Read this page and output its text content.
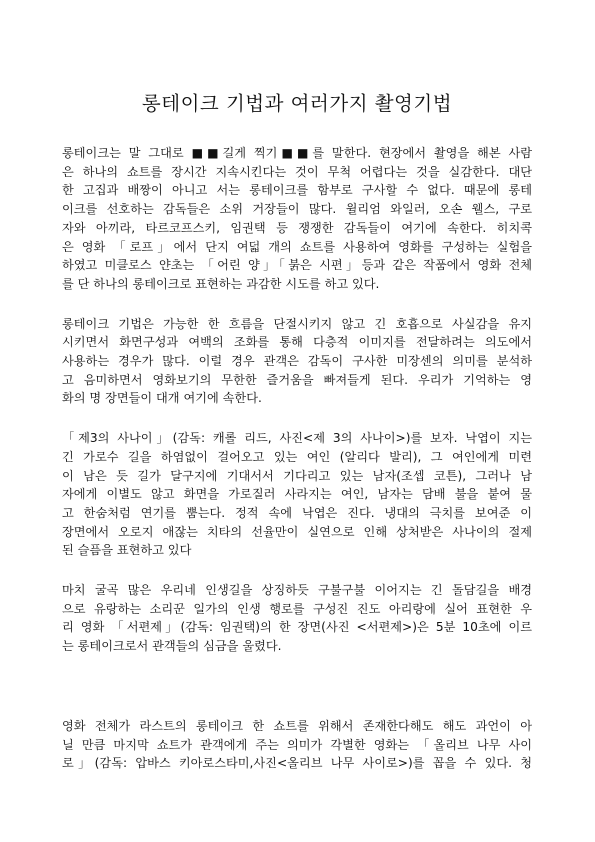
롱테이크 기법과 여러가지 촬영기법

롱테이크는 말 그대로 ■■길게 찍기■■를 말한다. 현장에서 촬영을 해본 사람
은 하나의 쇼트를 장시간 지속시킨다는 것이 무척 어렵다는 것을 실감한다. 대단
한 고집과 배짱이 아니고 서는 롱테이크를 함부로 구사할 수 없다. 때문에 롱테
이크를 선호하는 감독들은 소위 거장들이 많다. 윌리엄 와일러, 오손 웰스, 구로
자와 아끼라, 타르코프스키, 임권택 등 쟁쟁한 감독들이 여기에 속한다. 히치콕
은 영화 「로프」에서 단지 여덟 개의 쇼트를 사용하여 영화를 구성하는 실험을
하였고 미클로스 얀초는 「어린 양」「붉은 시편」등과 같은 작품에서 영화 전체
를 단 하나의 롱테이크로 표현하는 과감한 시도를 하고 있다.

롱테이크 기법은 가능한 한 흐름을 단절시키지 않고 긴 호흡으로 사실감을 유지
시키면서 화면구성과 여백의 조화를 통해 다층적 이미지를 전달하려는 의도에서
사용하는 경우가 많다. 이럴 경우 관객은 감독이 구사한 미장센의 의미를 분석하
고 음미하면서 영화보기의 무한한 즐거움을 빠져들게 된다. 우리가 기억하는 영
화의 명 장면들이 대개 여기에 속한다.

「제3의 사나이」(감독: 캐롤 리드, 사진<제 3의 사나이>)를 보자. 낙엽이 지는
긴 가로수 길을 하염없이 걸어오고 있는 여인 (알리다 발리), 그 여인에게 미련
이 남은 듯 길가 달구지에 기대서서 기다리고 있는 남자(조셉 코튼), 그러나 남
자에게 이별도 않고 화면을 가로질러 사라지는 여인, 남자는 담배 불을 붙여 물
고 한숨처럼 연기를 뿜는다. 정적 속에 낙엽은 진다. 냉대의 극치를 보여준 이
장면에서 오로지 애잖는 치타의 선율만이 실연으로 인해 상처받은 사나이의 절제
된 슬픔을 표현하고 있다

마치 굴곡 많은 우리네 인생길을 상징하듯 구불구불 이어지는 긴 돌담길을 배경
으로 유랑하는 소리꾼 일가의 인생 행로를 구성진 진도 아리랑에 실어 표현한 우
리 영화 「서편제」(감독: 임권택)의 한 장면(사진 <서편제>)은 5분 10초에 이르
는 롱테이크로서 관객들의 심금을 울렸다.

영화 전체가 라스트의 롱테이크 한 쇼트를 위해서 존재한다해도 해도 과언이 아
닐 만큼 마지막 쇼트가 관객에게 주는 의미가 각별한 영화는 「올리브 나무 사이
로」(감독: 압바스 키아로스타미,사진<올리브 나무 사이로>)를 꼽을 수 있다. 청
